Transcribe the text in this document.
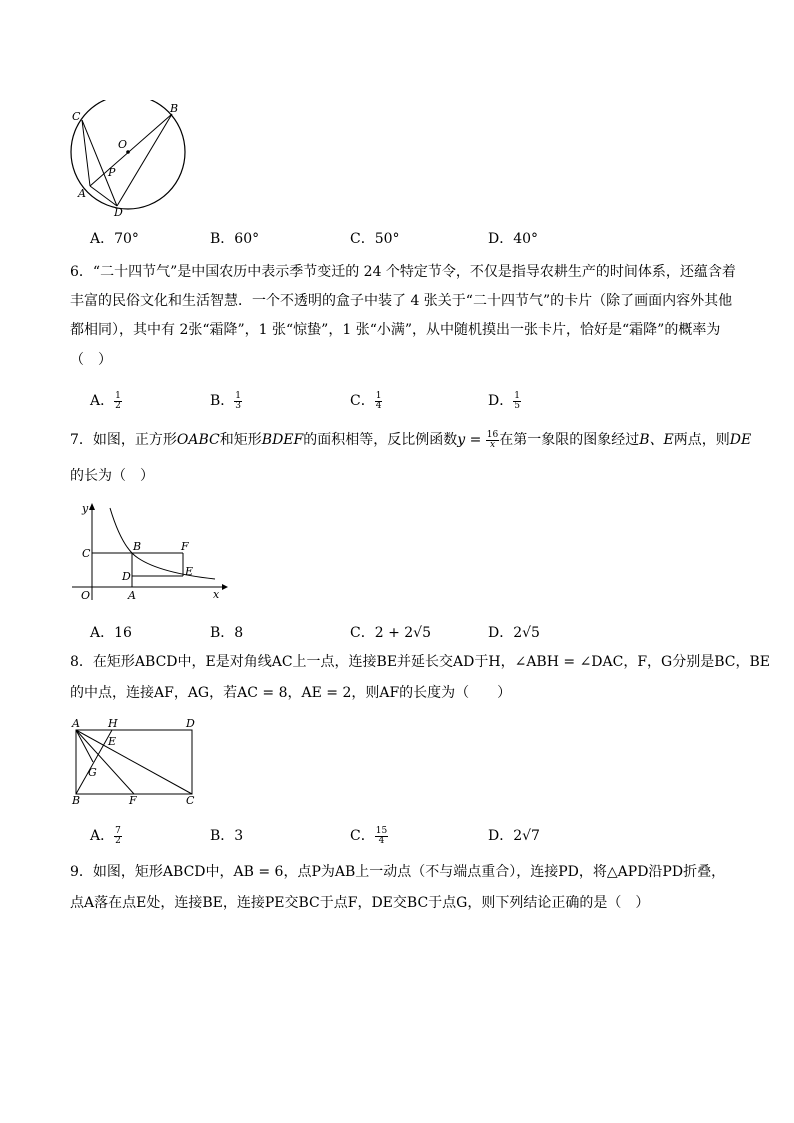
C
B
O
P
A
D
A．70°	B．60°	C．50°	D．40°
6．“二十四节气”是中国农历中表示季节变迁的 24 个特定节令，不仅是指导农耕生产的时间体系，还蕴含着
丰富的民俗文化和生活智慧．一个不透明的盒子中装了 4 张关于“二十四节气”的卡片（除了画面内容外其他
都相同），其中有 2张“霜降”，1 张“惊蛰”，1 张“小满”，从中随机摸出一张卡片，恰好是“霜降”的概率为
（　）
A． $\frac{1}{2}$	B． $\frac{1}{3}$	C． $\frac{1}{4}$	D． $\frac{1}{5}$
7．如图，正方形OABC和矩形BDEF的面积相等，反比例函数$y = \frac{16}{x}$ 在第一象限的图象经过B、E两点，则DE
的长为（　）
y
C
B	F
D	E
O	A	x
A．16	B．8	C．2 + 2√5	D．2√5
8．在矩形ABCD中，E是对角线AC上一点，连接BE并延长交AD于H，∠ABH = ∠DAC，F，G分别是BC，BE
的中点，连接AF，AG，若AC = 8，AE = 2，则AF的长度为（　　）
A	H	D
E
G
B	F	C
A． $\frac{7}{2}$	B．3	C． $\frac{15}{4}$	D．2√7
9．如图，矩形ABCD中，AB = 6，点P为AB上一动点（不与端点重合），连接PD，将△APD沿PD折叠，
点A落在点E处，连接BE，连接PE交BC于点F，DE交BC于点G，则下列结论正确的是（　）
